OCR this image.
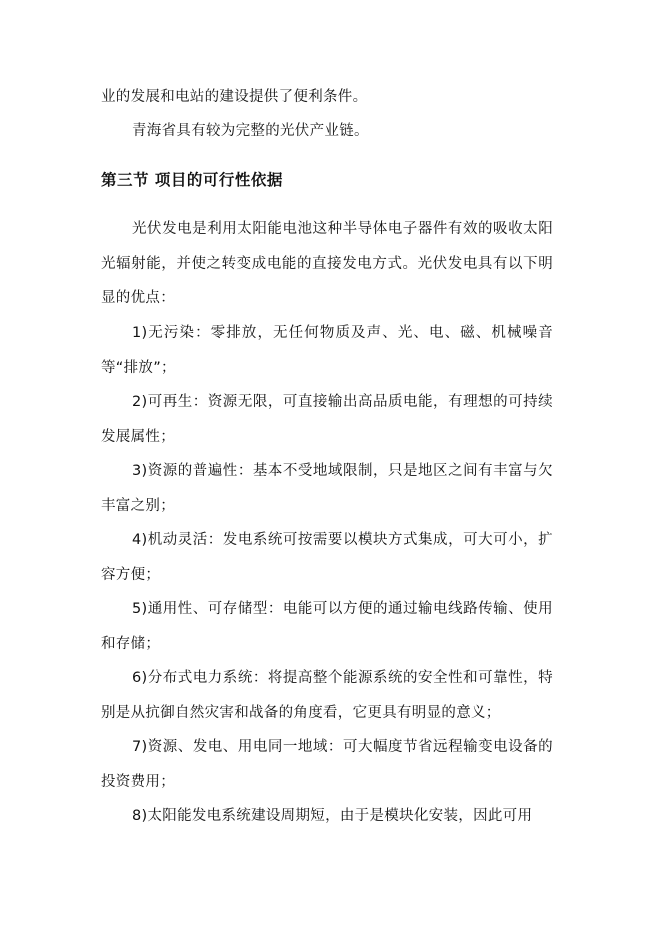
业的发展和电站的建设提供了便利条件。

青海省具有较为完整的光伏产业链。

第三节 项目的可行性依据

光伏发电是利用太阳能电池这种半导体电子器件有效的吸收太阳光辐射能，并使之转变成电能的直接发电方式。光伏发电具有以下明显的优点：

1)无污染：零排放，无任何物质及声、光、电、磁、机械噪音等“排放”；

2)可再生：资源无限，可直接输出高品质电能，有理想的可持续发展属性；

3)资源的普遍性：基本不受地域限制，只是地区之间有丰富与欠丰富之别；

4)机动灵活：发电系统可按需要以模块方式集成，可大可小，扩容方便；

5)通用性、可存储型：电能可以方便的通过输电线路传输、使用和存储；

6)分布式电力系统：将提高整个能源系统的安全性和可靠性，特别是从抗御自然灾害和战备的角度看，它更具有明显的意义；

7)资源、发电、用电同一地域：可大幅度节省远程输变电设备的投资费用；

8)太阳能发电系统建设周期短，由于是模块化安装，因此可用
